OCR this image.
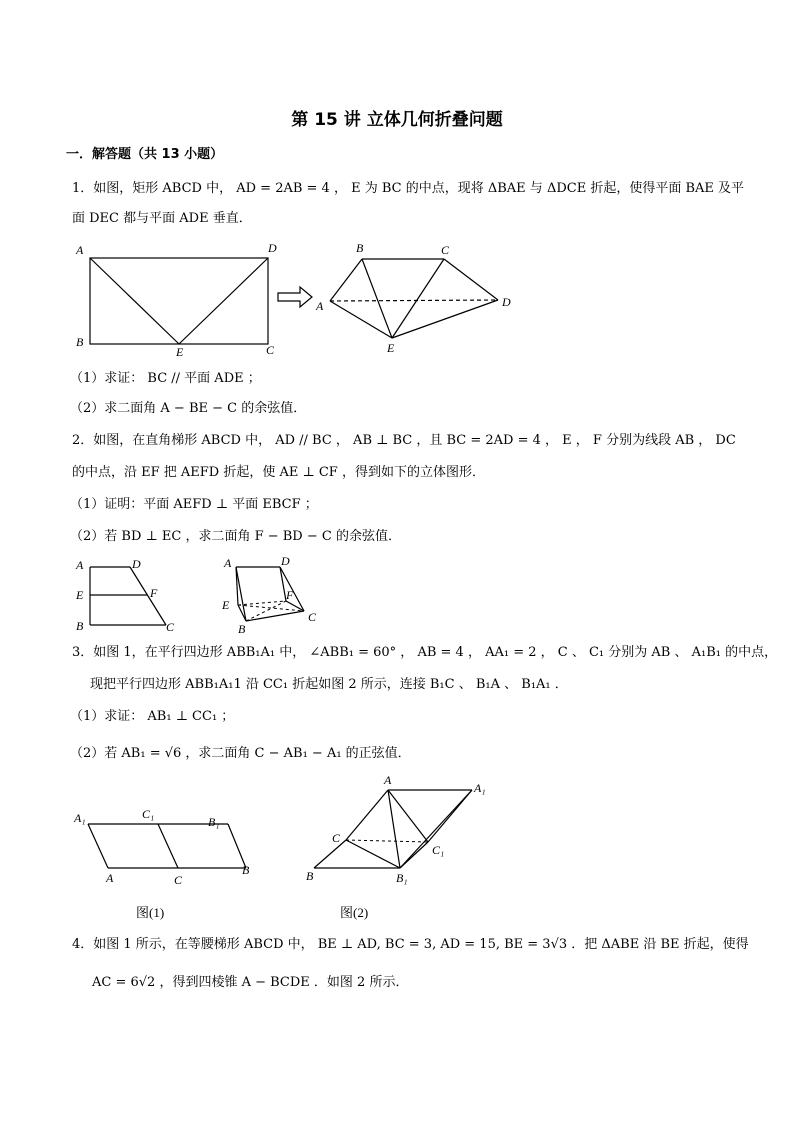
第 15 讲 立体几何折叠问题
一．解答题（共 13 小题）
1．如图，矩形 ABCD 中， AD = 2AB = 4 ， E 为 BC 的中点，现将 ΔBAE 与 ΔDCE 折起，使得平面 BAE 及平
面 DEC 都与平面 ADE 垂直．
A	D
B
E	C
B	C
A	D
E
（1）求证： BC // 平面 ADE ；
（2）求二面角 A − BE − C 的余弦值．
2．如图，在直角梯形 ABCD 中， AD // BC ， AB ⊥ BC ，且 BC = 2AD = 4 ， E ， F 分别为线段 AB ， DC
的中点，沿 EF 把 AEFD 折起，使 AE ⊥ CF ，得到如下的立体图形．
（1）证明：平面 AEFD ⊥ 平面 EBCF ；
（2）若 BD ⊥ EC ，求二面角 F − BD − C 的余弦值．
A	D
E	F
B	C
A	D
E
F
B
C
3．如图 1，在平行四边形 ABB₁A₁ 中， ∠ABB₁ = 60° ， AB = 4 ， AA₁ = 2 ， C 、 C₁ 分别为 AB 、 A₁B₁ 的中点，
现把平行四边形 ABB₁A₁1 沿 CC₁ 折起如图 2 所示，连接 B₁C 、 B₁A 、 B₁A₁ ．
（1）求证： AB₁ ⊥ CC₁ ；
（2）若 AB₁ = √6 ，求二面角 C − AB₁ − A₁ 的正弦值．
A₁	C₁
B₁
A	C
B
A
A₁
C
C₁
B	B₁
图(1)	图(2)
4．如图 1 所示，在等腰梯形 ABCD 中， BE ⊥ AD, BC = 3, AD = 15, BE = 3√3 ．把 ΔABE 沿 BE 折起，使得
AC = 6√2 ，得到四棱锥 A − BCDE ．如图 2 所示．
